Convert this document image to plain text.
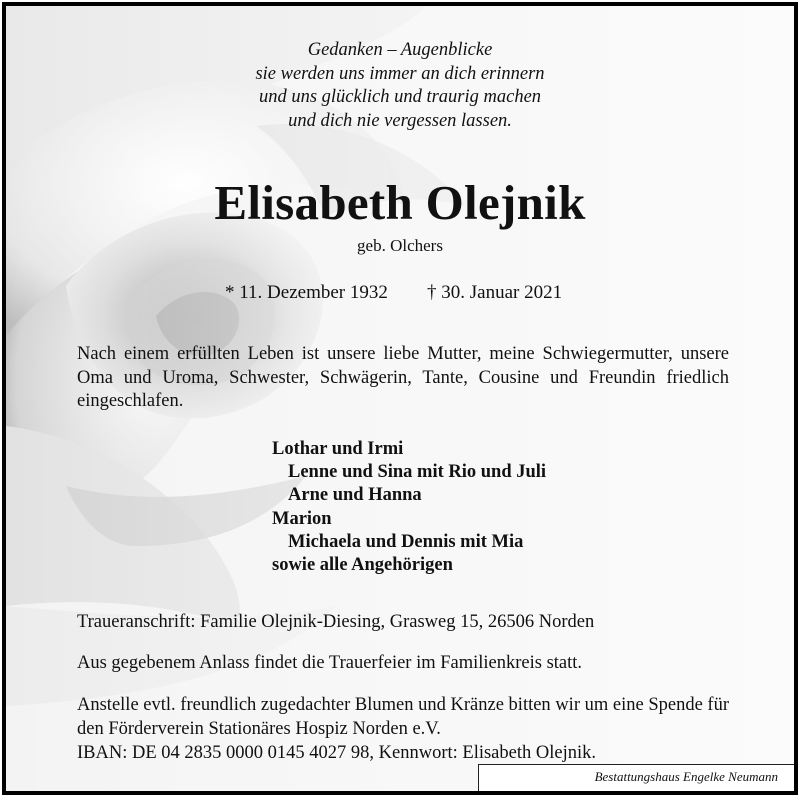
Gedanken – Augenblicke
sie werden uns immer an dich erinnern
und uns glücklich und traurig machen
und dich nie vergessen lassen.
Elisabeth Olejnik
geb. Olchers
* 11. Dezember 1932 † 30. Januar 2021
Nach einem erfüllten Leben ist unsere liebe Mutter, meine Schwiegermutter, unsere Oma und Uroma, Schwester, Schwägerin, Tante, Cousine und Freundin friedlich eingeschlafen.
Lothar und Irmi
Lenne und Sina mit Rio und Juli
Arne und Hanna
Marion
Michaela und Dennis mit Mia
sowie alle Angehörigen
Traueranschrift: Familie Olejnik-Diesing, Grasweg 15, 26506 Norden
Aus gegebenem Anlass findet die Trauerfeier im Familienkreis statt.
Anstelle evtl. freundlich zugedachter Blumen und Kränze bitten wir um eine Spende für den Förderverein Stationäres Hospiz Norden e.V.
IBAN: DE 04 2835 0000 0145 4027 98, Kennwort: Elisabeth Olejnik.
Bestattungshaus Engelke Neumann
